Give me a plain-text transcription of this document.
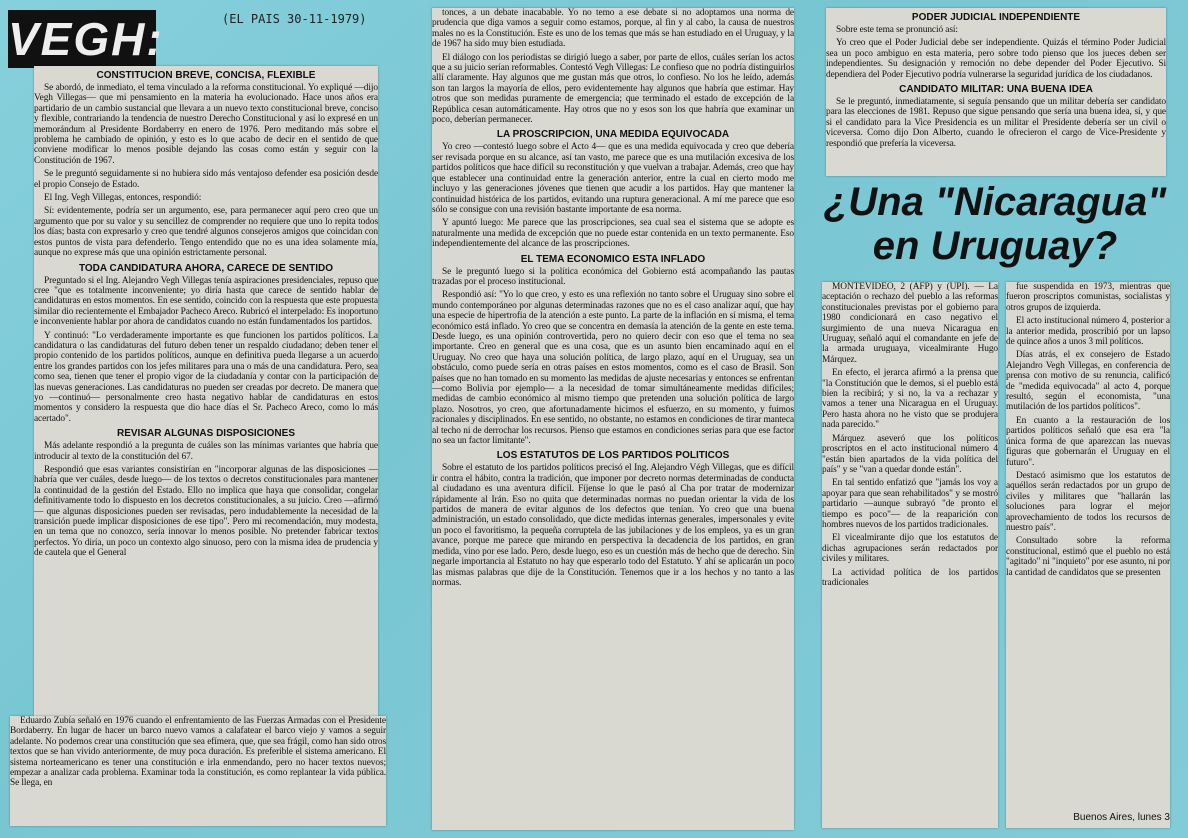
VEGH:	(EL PAIS 30-11-1979)
CONSTITUCION BREVE, CONCISA, FLEXIBLE

Se abordó, de inmediato, el tema vinculado a la reforma constitucional. Yo expliqué —dijo Vegh Villegas— que mi pensamiento en la materia ha evolucionado. Hace unos años era partidario de un cambio sustancial que llevara a un nuevo texto constitucional breve, conciso y flexible, contrariando la tendencia de nuestro Derecho Constitucional y así lo expresé en un memorándum al Presidente Bordaberry en enero de 1976. Pero meditando más sobre el problema he cambiado de opinión, y esto es lo que acabo de decir en el sentido de que conviene modificar lo menos posible dejando las cosas como están y seguir con la Constitución de 1967.

Se le preguntó seguidamente si no hubiera sido más ventajoso defender esa posición desde el propio Consejo de Estado.

El Ing. Vegh Villegas, entonces, respondió:

Sí: evidentemente, podría ser un argumento, ese, para permanecer aquí pero creo que un argumento que por su valor y su sencillez de comprender no requiere que uno lo repita todos los días; basta con expresarlo y creo que tendré algunos consejeros amigos que coincidan con estos puntos de vista para defenderlo. Tengo entendido que no es una idea solamente mía, aunque no exprese más que una opinión estrictamente personal.

TODA CANDIDATURA AHORA, CARECE DE SENTIDO

Preguntado si el Ing. Alejandro Vegh Villegas tenía aspiraciones presidenciales, repuso que cree "que es totalmente inconveniente; yo diría hasta que carece de sentido hablar de candidaturas en estos momentos. En ese sentido, coincido con la respuesta que este propuesta similar dio recientemente el Embajador Pacheco Areco. Rubricó el interpelado: Es inoportuno e inconveniente hablar por ahora de candidatos cuando no están fundamentados los partidos.

Y continuó: "Lo verdaderamente importante es que funcionen los partidos políticos. La candidatura o las candidaturas del futuro deben tener un respaldo ciudadano; deben tener el propio contenido de los partidos políticos, aunque en definitiva pueda llegarse a un acuerdo entre los grandes partidos con los jefes militares para una o más de una candidatura. Pero, sea como sea, tienen que tener el propio vigor de la ciudadanía y contar con la participación de las nuevas generaciones. Las candidaturas no pueden ser creadas por decreto. De manera que yo —continuó— personalmente creo hasta negativo hablar de candidaturas en estos momentos y considero la respuesta que dio hace días el Sr. Pacheco Areco, como lo más acertado".

REVISAR ALGUNAS DISPOSICIONES

Más adelante respondió a la pregunta de cuáles son las mínimas variantes que habría que introducir al texto de la constitución del 67.

Respondió que esas variantes consistirían en "incorporar algunas de las disposiciones —habría que ver cuáles, desde luego— de los textos o decretos constitucionales para mantener la continuidad de la gestión del Estado. Ello no implica que haya que consolidar, congelar definitivamente todo lo dispuesto en los decretos constitucionales, a su juicio. Creo —afirmó— que algunas disposiciones pueden ser revisadas, pero indudablemente la necesidad de la transición puede implicar disposiciones de ese tipo". Pero mi recomendación, muy modesta, en un tema que no conozco, sería innovar lo menos posible. No pretender fabricar textos perfectos. Yo diría, un poco un contexto algo sinuoso, pero con la misma idea de prudencia y de cautela que el General

Eduardo Zubía señaló en 1976 cuando el enfrentamiento de las Fuerzas Armadas con el Presidente Bordaberry. En lugar de hacer un barco nuevo vamos a calafatear el barco viejo y vamos a seguir adelante. No podemos crear una constitución que sea efímera, que, que sea frágil, como han sido otros textos que se han vivido anteriormente, de muy poca duración. Es preferible el sistema americano. El sistema norteamericano es tener una constitución e irla enmendando, pero no hacer textos nuevos; empezar a analizar cada problema. Examinar toda la constitución, es como replantear la vida pública. Se llega, en

tonces, a un debate inacabable. Yo no temo a ese debate si no adoptamos una norma de prudencia que diga vamos a seguir como estamos, porque, al fin y al cabo, la causa de nuestros males no es la Constitución. Este es uno de los temas que más se han estudiado en el Uruguay, y la de 1967 ha sido muy bien estudiada.

El diálogo con los periodistas se dirigió luego a saber, por parte de ellos, cuáles serían los actos que a su juicio serían reformables. Contestó Vegh Villegas: Le confieso que no podría distinguirlos allí claramente. Hay algunos que me gustan más que otros, lo confieso. No los he leído, además son tan largos la mayoría de ellos, pero evidentemente hay algunos que habría que estimar. Hay otros que son medidas puramente de emergencia; que terminado el estado de excepción de la República cesan automáticamente. Hay otros que no y esos son los que habría que examinar un poco, deberían permanecer.

LA PROSCRIPCION, UNA MEDIDA EQUIVOCADA

Yo creo —contestó luego sobre el Acto 4— que es una medida equivocada y creo que debería ser revisada porque en su alcance, así tan vasto, me parece que es una mutilación excesiva de los partidos políticos que hace difícil su reconstitución y que vuelvan a trabajar. Además, creo que hay que establecer una continuidad entre la generación anterior, entre la cual en cierto modo me incluyo y las generaciones jóvenes que tienen que acudir a los partidos. Hay que mantener la continuidad histórica de los partidos, evitando una ruptura generacional. A mí me parece que eso sólo se consigue con una revisión bastante importante de esa norma.

Y apuntó luego: Me parece que las proscripciones, sea cual sea el sistema que se adopte es naturalmente una medida de excepción que no puede estar contenida en un texto permanente. Eso independientemente del alcance de las proscripciones.

EL TEMA ECONOMICO ESTA INFLADO

Se le preguntó luego si la política económica del Gobierno está acompañando las pautas trazadas por el proceso institucional.

Respondió así: "Yo lo que creo, y esto es una reflexión no tanto sobre el Uruguay sino sobre el mundo contemporáneo por algunas determinadas razones que no es el caso analizar aquí, que hay una especie de hipertrofia de la atención a este punto. La parte de la inflación en sí misma, el tema económico está inflado. Yo creo que se concentra en demasía la atención de la gente en este tema. Desde luego, es una opinión controvertida, pero no quiero decir con eso que el tema no sea importante. Creo en general que es una cosa, que es un asunto bien encaminado aquí en el Uruguay. No creo que haya una solución política, de largo plazo, aquí en el Uruguay, sea un obstáculo, como puede sería en otras países en estos momentos, como es el caso de Brasil. Son países que no han tomado en su momento las medidas de ajuste necesarias y entonces se enfrentan —como Bolivia por ejemplo— a la necesidad de tomar simultáneamente medidas difíciles; medidas de cambio económico al mismo tiempo que pretenden una solución política de largo plazo. Nosotros, yo creo, que afortunadamente hicimos el esfuerzo, en su momento, y fuimos racionales y disciplinados. En ese sentido, no obstante, no estamos en condiciones de tirar manteca al techo ni de derrochar los recursos. Pienso que estamos en condiciones serias para que ese factor no sea un factor limitante".

LOS ESTATUTOS DE LOS PARTIDOS POLITICOS

Sobre el estatuto de los partidos políticos precisó el Ing. Alejandro Végh Villegas, que es difícil ir contra el hábito, contra la tradición, que imponer por decreto normas determinadas de conducta al ciudadano es una aventura difícil. Fíjense lo que le pasó al Cha por tratar de modernizar rápidamente al Irán. Eso no quita que determinadas normas no puedan orientar la vida de los partidos de manera de evitar algunos de los defectos que tenían. Yo creo que una buena administración, un estado consolidado, que dicte medidas internas generales, impersonales y evite un poco el favoritismo, la pequeña corruptela de las jubilaciones y de los empleos, ya es un gran avance, porque me parece que mirando en perspectiva la decadencia de los partidos, en gran medida, vino por ese lado. Pero, desde luego, eso es un cuestión más de hecho que de derecho. Sin negarle importancia al Estatuto no hay que esperarlo todo del Estatuto. Y ahí se aplicarán un poco las mismas palabras que dije de la Constitución. Tenemos que ir a los hechos y no tanto a las normas.

PODER JUDICIAL INDEPENDIENTE

Sobre este tema se pronunció así:

Yo creo que el Poder Judicial debe ser independiente. Quizás el término Poder Judicial sea un poco ambiguo en esta materia, pero sobre todo pienso que los jueces deben ser independientes. Su designación y remoción no debe depender del Poder Ejecutivo. Si dependiera del Poder Ejecutivo podría vulnerarse la seguridad jurídica de los ciudadanos.

CANDIDATO MILITAR: UNA BUENA IDEA

Se le preguntó, inmediatamente, si seguía pensando que un militar debería ser candidato para las elecciones de 1981. Repuso que sigue pensando que sería una buena idea, sí, y que si el candidato para la Vice Presidencia es un militar el Presidente debería ser un civil o viceversa. Como dijo Don Alberto, cuando le ofrecieron el cargo de Vice-Presidente y respondió que prefería la viceversa.

¿Una "Nicaragua" en Uruguay?

MONTEVIDEO, 2 (AFP) y (UPI). — La aceptación o rechazo del pueblo a las reformas constitucionales previstas por el gobierno para 1980 condicionará en caso negativo el surgimiento de una nueva Nicaragua en Uruguay, señaló aquí el comandante en jefe de la armada uruguaya, vicealmirante Hugo Márquez.

En efecto, el jerarca afirmó a la prensa que "la Constitución que le demos, si el pueblo está bien la recibirá; y si no, la va a rechazar y vamos a tener una Nicaragua en el Uruguay. Pero hasta ahora no he visto que se produjera nada parecido."

Márquez aseveró que los políticos proscriptos en el acto institucional número 4 "están bien apartados de la vida política del país" y se "van a quedar donde están".

En tal sentido enfatizó que "jamás los voy a apoyar para que sean rehabilitados" y se mostró partidario —aunque subrayó "de pronto el tiempo es poco"— de la reaparición con hombres nuevos de los partidos tradicionales.

El vicealmirante dijo que los estatutos de dichas agrupaciones serán redactados por civiles y militares.

La actividad política de los partidos tradicionales

fue suspendida en 1973, mientras que fueron proscriptos comunistas, socialistas y otros grupos de izquierda.

El acto institucional número 4, posterior a la anterior medida, proscribió por un lapso de quince años a unos 3 mil políticos.

Días atrás, el ex consejero de Estado Alejandro Vegh Villegas, en conferencia de prensa con motivo de su renuncia, calificó de "medida equivocada" al acto 4, porque resultó, según el economista, "una mutilación de los partidos políticos".

En cuanto a la restauración de los partidos políticos señaló que esa era "la única forma de que aparezcan las nuevas figuras que gobernarán el Uruguay en el futuro".

Destacó asimismo que los estatutos de aquéllos serán redactados por un grupo de civiles y militares que "hallarán las soluciones para lograr el mejor aprovechamiento de todos los recursos de nuestro país".

Consultado sobre la reforma constitucional, estimó que el pueblo no está "agitado" ni "inquieto" por ese asunto, ni por la cantidad de candidatos que se presenten

Buenos Aires, lunes 3
